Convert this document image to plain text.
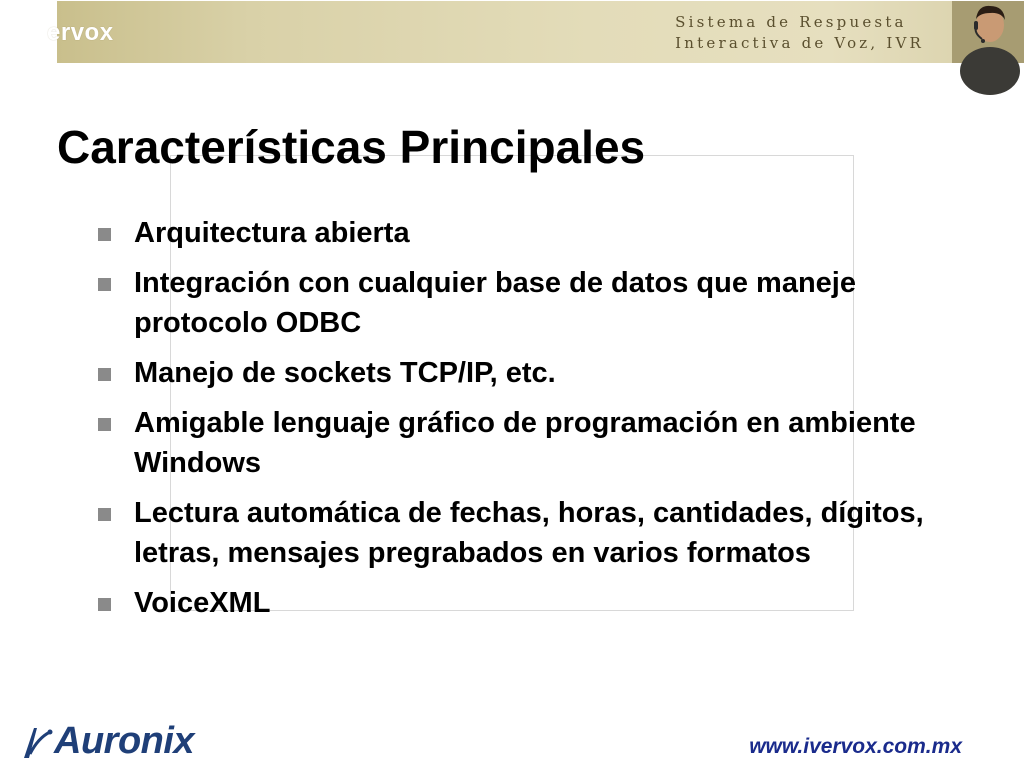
ervox	Sistema de Respuesta
Interactiva de Voz, IVR
Características Principales
Arquitectura abierta
Integración con cualquier base de datos que maneje protocolo ODBC
Manejo de sockets TCP/IP, etc.
Amigable lenguaje gráfico de programación en ambiente Windows
Lectura automática de fechas, horas, cantidades, dígitos, letras, mensajes pregrabados en varios formatos
VoiceXML
Auronix	www.ivervox.com.mx
